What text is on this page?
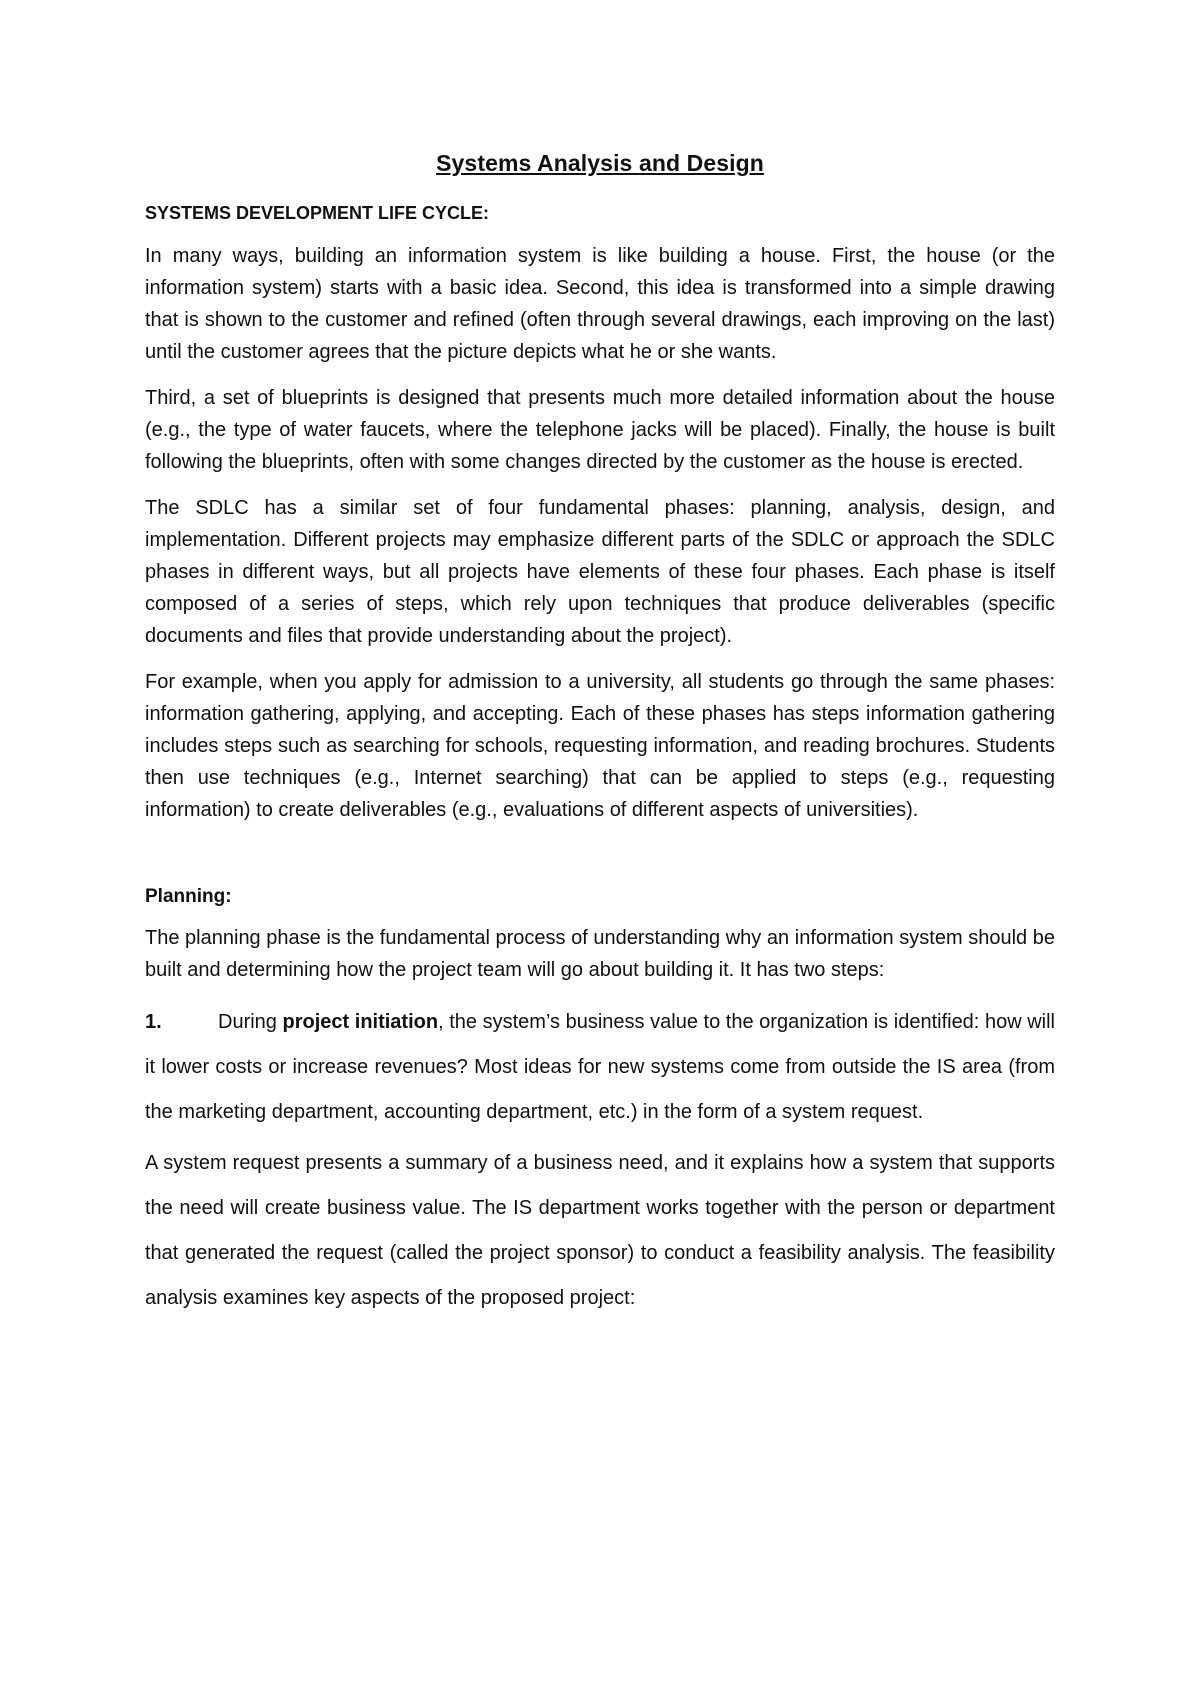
Systems Analysis and Design
SYSTEMS DEVELOPMENT LIFE CYCLE:

In many ways, building an information system is like building a house. First, the house (or the information system) starts with a basic idea. Second, this idea is transformed into a simple drawing that is shown to the customer and refined (often through several drawings, each improving on the last) until the customer agrees that the picture depicts what he or she wants.

Third, a set of blueprints is designed that presents much more detailed information about the house (e.g., the type of water faucets, where the telephone jacks will be placed). Finally, the house is built following the blueprints, often with some changes directed by the customer as the house is erected.

The SDLC has a similar set of four fundamental phases: planning, analysis, design, and implementation. Different projects may emphasize different parts of the SDLC or approach the SDLC phases in different ways, but all projects have elements of these four phases. Each phase is itself composed of a series of steps, which rely upon techniques that produce deliverables (specific documents and files that provide understanding about the project).

For example, when you apply for admission to a university, all students go through the same phases: information gathering, applying, and accepting. Each of these phases has steps information gathering includes steps such as searching for schools, requesting information, and reading brochures. Students then use techniques (e.g., Internet searching) that can be applied to steps (e.g., requesting information) to create deliverables (e.g., evaluations of different aspects of universities).

Planning:

The planning phase is the fundamental process of understanding why an information system should be built and determining how the project team will go about building it. It has two steps:

1.	During project initiation, the system’s business value to the organization is identified: how will it lower costs or increase revenues? Most ideas for new systems come from outside the IS area (from the marketing department, accounting department, etc.) in the form of a system request.

A system request presents a summary of a business need, and it explains how a system that supports the need will create business value. The IS department works together with the person or department that generated the request (called the project sponsor) to conduct a feasibility analysis. The feasibility analysis examines key aspects of the proposed project:
